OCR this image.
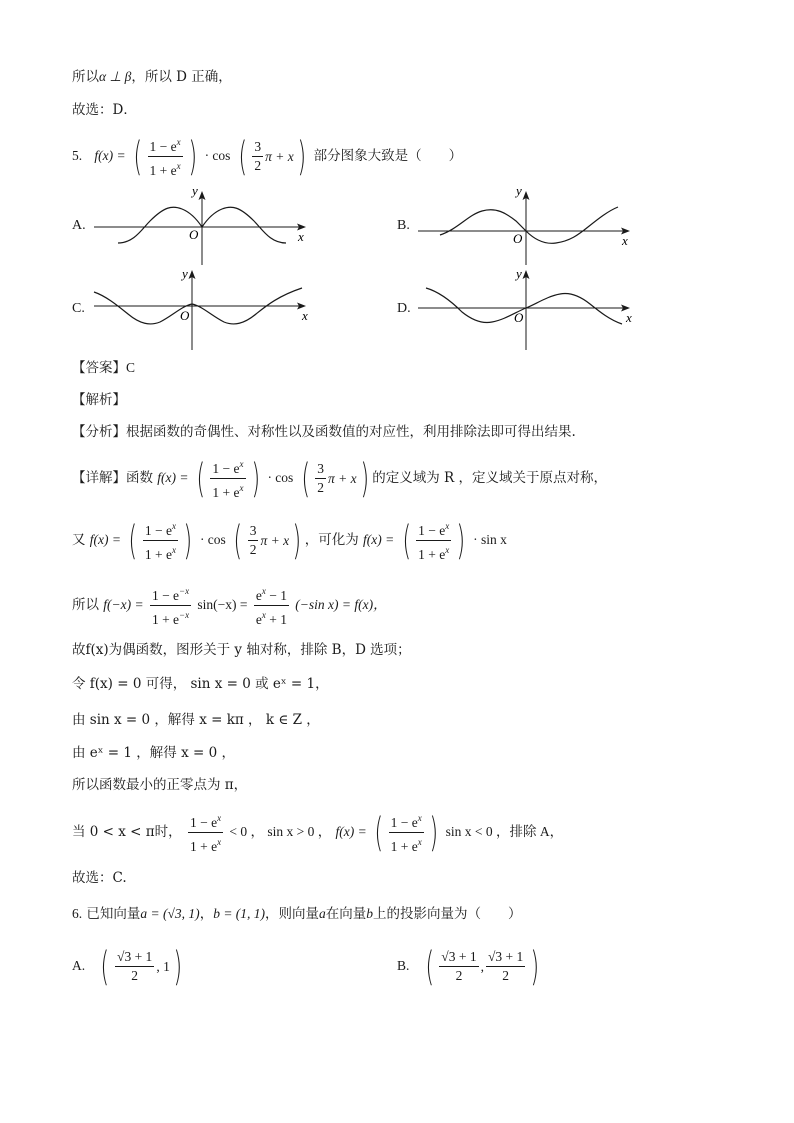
所以α ⊥ β，所以 D 正确，
故选：D．
5. f(x) = ( $\frac{1 - e^x}{1 + e^x}$ ) · cos ( $\frac{3}{2}$ π + x ) 部分图象大致是（　　）
A.	B.
C.	D.
y
x
O
y
x
O
y
x
O
y
x
O
【答案】C
【解析】
【分析】根据函数的奇偶性、对称性以及函数值的对应性，利用排除法即可得出结果.
【详解】函数 f(x) = ( $\frac{1 - e^x}{1 + e^x}$ ) · cos ( $\frac{3}{2}$ π + x ) 的定义域为 R ，定义域关于原点对称，
又 f(x) = ( $\frac{1 - e^x}{1 + e^x}$ ) · cos ( $\frac{3}{2}$ π + x ) ，可化为 f(x) = ( $\frac{1 - e^x}{1 + e^x}$ ) · sin x
所以 $f(-x) = \frac{1 - e^{-x}}{1 + e^{-x}} \sin(-x) = \frac{e^x - 1}{e^x + 1} (-\sin$ x) = f(x)，
故f(x)为偶函数，图形关于 y 轴对称，排除 B，D 选项；
令 f(x) = 0 可得， sin x = 0 或 eˣ = 1，
由 sin x = 0 ，解得 x = kπ ， k ∈ Z ，
由 eˣ = 1 ，解得 x = 0 ，
所以函数最小的正零点为 π，
当 0 < x < π时， $\frac{1 - e^x}{1 + e^x} < 0$ ， sin x > 0 ， f(x) = ( $\frac{1 - e^x}{1 + e^x}$ ) sin x < 0 ，排除 A，
故选：C.
6. 已知向量a = (√3, 1)，b = (1, 1)，则向量a在向量b上的投影向量为（　　）
A. ( $\frac{√3 + 1}{2}$ , 1 )	B. ( $\frac{√3 + 1}{2}$ , $\frac{√3 + 1}{2}$ )
